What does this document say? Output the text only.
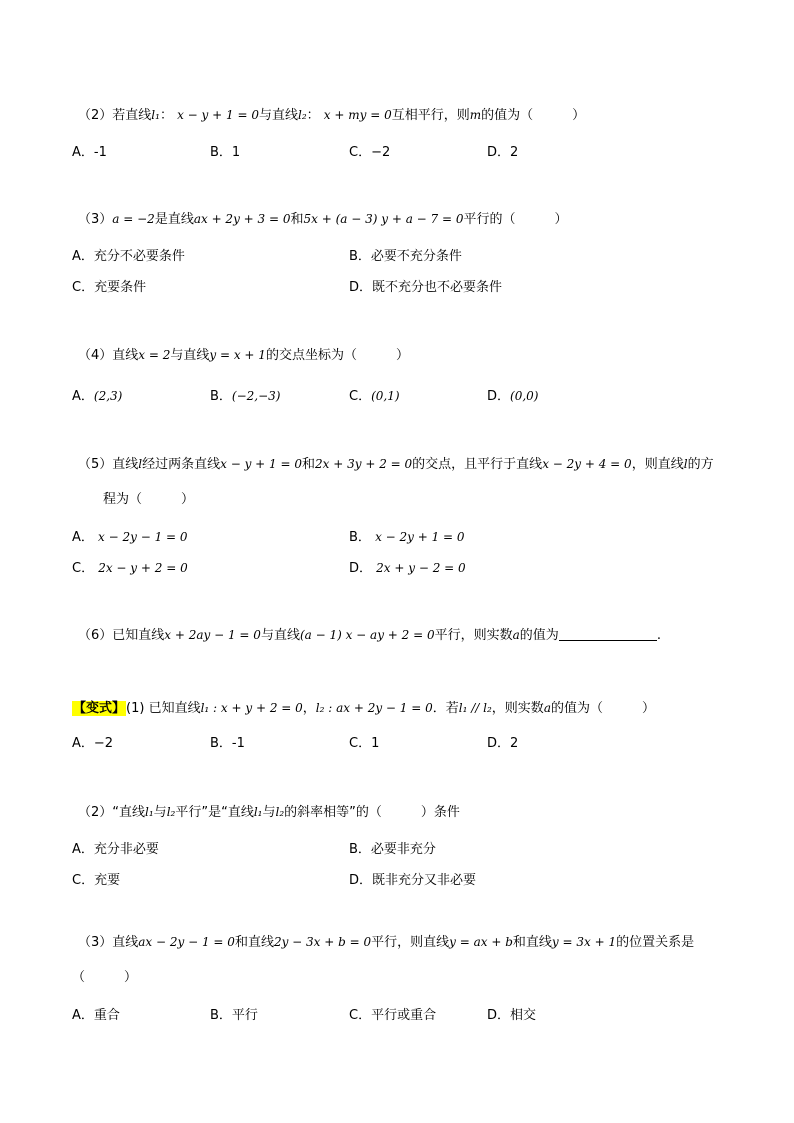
（2）若直线l₁： x − y + 1 = 0与直线l₂： x + my = 0互相平行，则m的值为（　　　）
A．-1	B．1	C．−2	D．2
（3）a = −2是直线ax + 2y + 3 = 0和5x + (a − 3) y + a − 7 = 0平行的（　　　）
A．充分不必要条件	B．必要不充分条件
C．充要条件	D．既不充分也不必要条件
（4）直线x = 2与直线y = x + 1的交点坐标为（　　　）
A．(2,3)	B．(−2,−3)	C．(0,1)	D．(0,0)
（5）直线l经过两条直线x − y + 1 = 0和2x + 3y + 2 = 0的交点，且平行于直线x − 2y + 4 = 0，则直线l的方
程为（　　　）
A． x − 2y − 1 = 0	B． x − 2y + 1 = 0
C． 2x − y + 2 = 0	D． 2x + y − 2 = 0
（6）已知直线x + 2ay − 1 = 0与直线(a − 1) x − ay + 2 = 0平行，则实数a的值为	.
【变式】(1) 已知直线l₁ : x + y + 2 = 0，l₂ : ax + 2y − 1 = 0．若l₁ // l₂，则实数a的值为（　　　）
A．−2	B．-1	C．1	D．2
（2）“直线l₁与l₂平行”是“直线l₁与l₂的斜率相等”的（　　　）条件
A．充分非必要	B．必要非充分
C．充要	D．既非充分又非必要
（3）直线ax − 2y − 1 = 0和直线2y − 3x + b = 0平行，则直线y = ax + b和直线y = 3x + 1的位置关系是
（　　　）
A．重合	B．平行	C．平行或重合	D．相交
